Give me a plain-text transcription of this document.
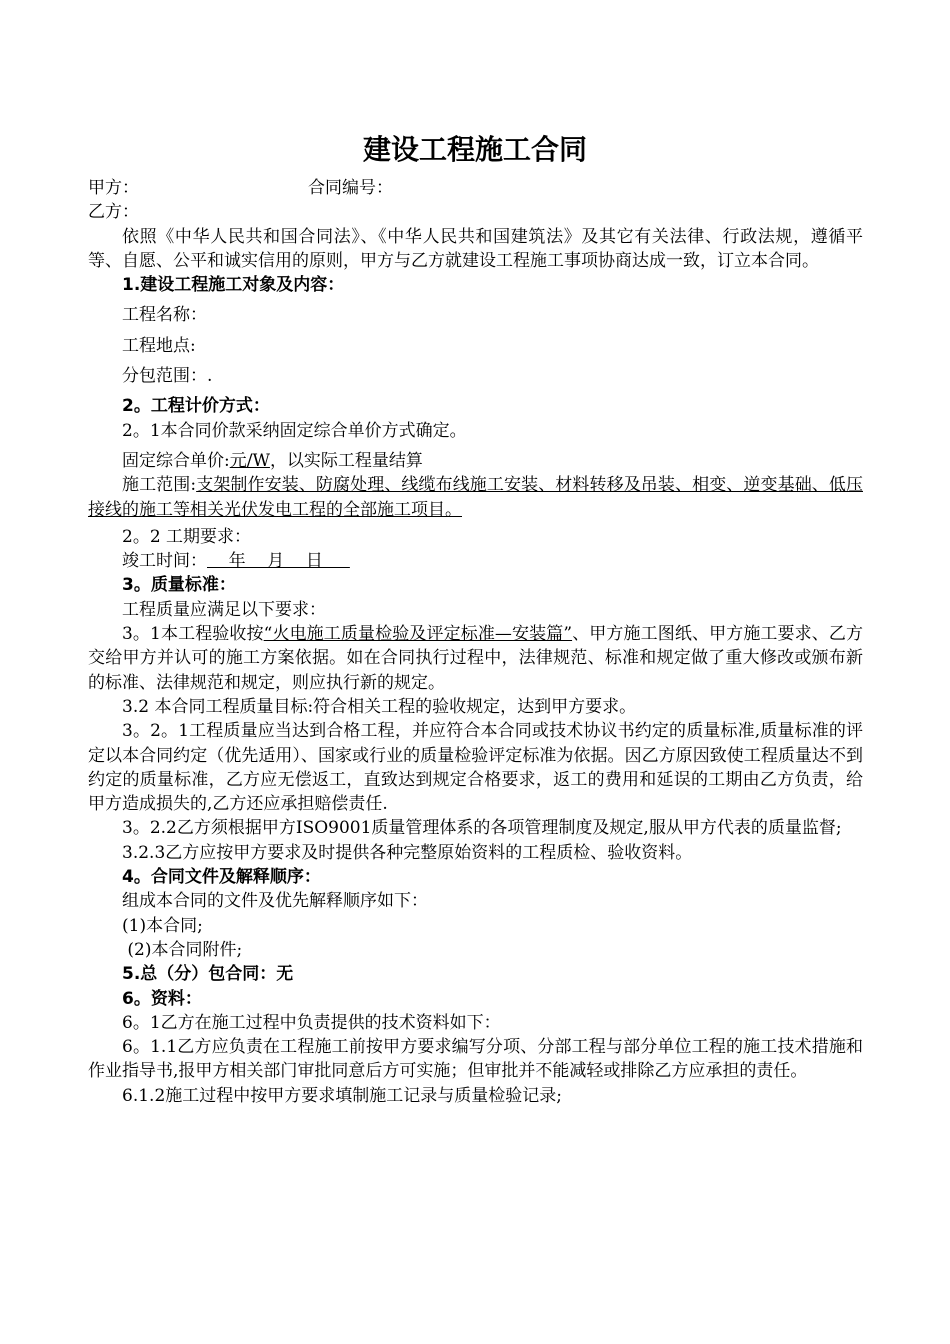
建设工程施工合同
甲方：	合同编号：

乙方：

依照《中华人民共和国合同法》、《中华人民共和国建筑法》及其它有关法律、行政法规，遵循平等、自愿、公平和诚实信用的原则，甲方与乙方就建设工程施工事项协商达成一致，订立本合同。

1.建设工程施工对象及内容：

工程名称：

工程地点:

分包范围：.

2。工程计价方式：

2。1本合同价款采纳固定综合单价方式确定。

固定综合单价:元/W，以实际工程量结算

施工范围:支架制作安装、防腐处理、线缆布线施工安装、材料转移及吊装、相变、逆变基础、低压接线的施工等相关光伏发电工程的全部施工项目。

2。2 工期要求：

竣工时间：    年    月    日

3。质量标准：

工程质量应满足以下要求：

3。1本工程验收按“火电施工质量检验及评定标准—安装篇”、甲方施工图纸、甲方施工要求、乙方交给甲方并认可的施工方案依据。如在合同执行过程中，法律规范、标准和规定做了重大修改或颁布新的标准、法律规范和规定，则应执行新的规定。

3.2 本合同工程质量目标:符合相关工程的验收规定，达到甲方要求。

3。2。1工程质量应当达到合格工程，并应符合本合同或技术协议书约定的质量标准,质量标准的评定以本合同约定（优先适用）、国家或行业的质量检验评定标准为依据。因乙方原因致使工程质量达不到约定的质量标准，乙方应无偿返工，直致达到规定合格要求，返工的费用和延误的工期由乙方负责，给甲方造成损失的,乙方还应承担赔偿责任.

3。2.2乙方须根据甲方ISO9001质量管理体系的各项管理制度及规定,服从甲方代表的质量监督;

3.2.3乙方应按甲方要求及时提供各种完整原始资料的工程质检、验收资料。

4。合同文件及解释顺序：

组成本合同的文件及优先解释顺序如下：

(1)本合同;

(2)本合同附件;

5.总（分）包合同：无

6。资料：

6。1乙方在施工过程中负责提供的技术资料如下：

6。1.1乙方应负责在工程施工前按甲方要求编写分项、分部工程与部分单位工程的施工技术措施和作业指导书,报甲方相关部门审批同意后方可实施；但审批并不能减轻或排除乙方应承担的责任。

6.1.2施工过程中按甲方要求填制施工记录与质量检验记录;
